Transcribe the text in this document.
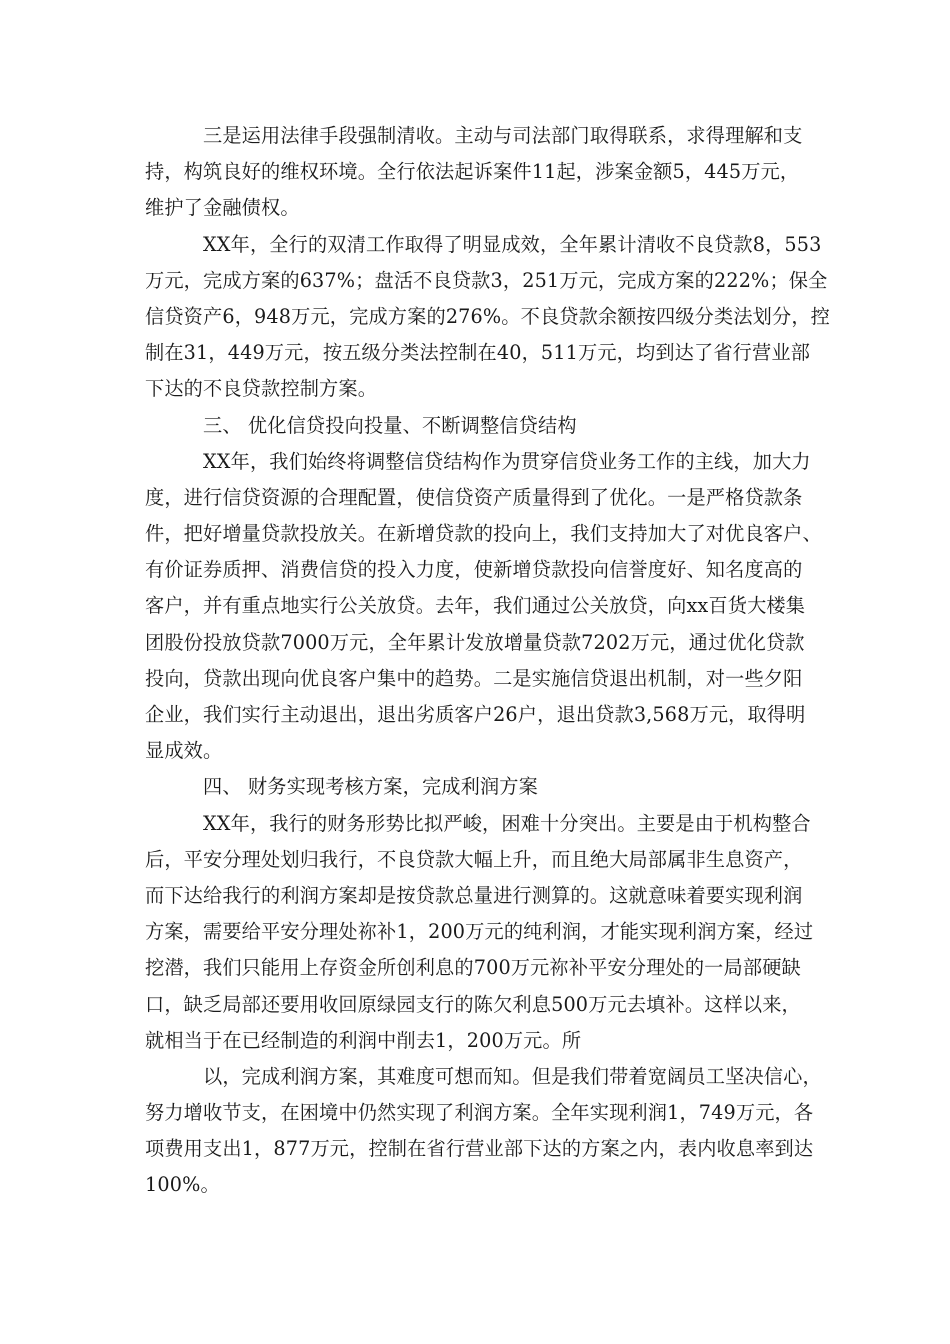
三是运用法律手段强制清收。主动与司法部门取得联系，求得理解和支
持，构筑良好的维权环境。全行依法起诉案件11起，涉案金额5，445万元，
维护了金融债权。
XX年，全行的双清工作取得了明显成效，全年累计清收不良贷款8，553
万元，完成方案的637%；盘活不良贷款3，251万元，完成方案的222%；保全
信贷资产6，948万元，完成方案的276%。不良贷款余额按四级分类法划分，控
制在31，449万元，按五级分类法控制在40，511万元，均到达了省行营业部
下达的不良贷款控制方案。
三、 优化信贷投向投量、不断调整信贷结构
XX年，我们始终将调整信贷结构作为贯穿信贷业务工作的主线，加大力
度，进行信贷资源的合理配置，使信贷资产质量得到了优化。一是严格贷款条
件，把好增量贷款投放关。在新增贷款的投向上，我们支持加大了对优良客户、
有价证券质押、消费信贷的投入力度，使新增贷款投向信誉度好、知名度高的
客户，并有重点地实行公关放贷。去年，我们通过公关放贷，向xx百货大楼集
团股份投放贷款7000万元，全年累计发放增量贷款7202万元，通过优化贷款
投向，贷款出现向优良客户集中的趋势。二是实施信贷退出机制，对一些夕阳
企业，我们实行主动退出，退出劣质客户26户，退出贷款3,568万元，取得明
显成效。
四、 财务实现考核方案，完成利润方案
XX年，我行的财务形势比拟严峻，困难十分突出。主要是由于机构整合
后，平安分理处划归我行，不良贷款大幅上升，而且绝大局部属非生息资产，
而下达给我行的利润方案却是按贷款总量进行测算的。这就意味着要实现利润
方案，需要给平安分理处祢补1，200万元的纯利润，才能实现利润方案，经过
挖潜，我们只能用上存资金所创利息的700万元祢补平安分理处的一局部硬缺
口，缺乏局部还要用收回原绿园支行的陈欠利息500万元去填补。这样以来，
就相当于在已经制造的利润中削去1，200万元。所
以，完成利润方案，其难度可想而知。但是我们带着宽阔员工坚决信心，
努力增收节支，在困境中仍然实现了利润方案。全年实现利润1，749万元，各
项费用支出1，877万元，控制在省行营业部下达的方案之内，表内收息率到达
100%。
